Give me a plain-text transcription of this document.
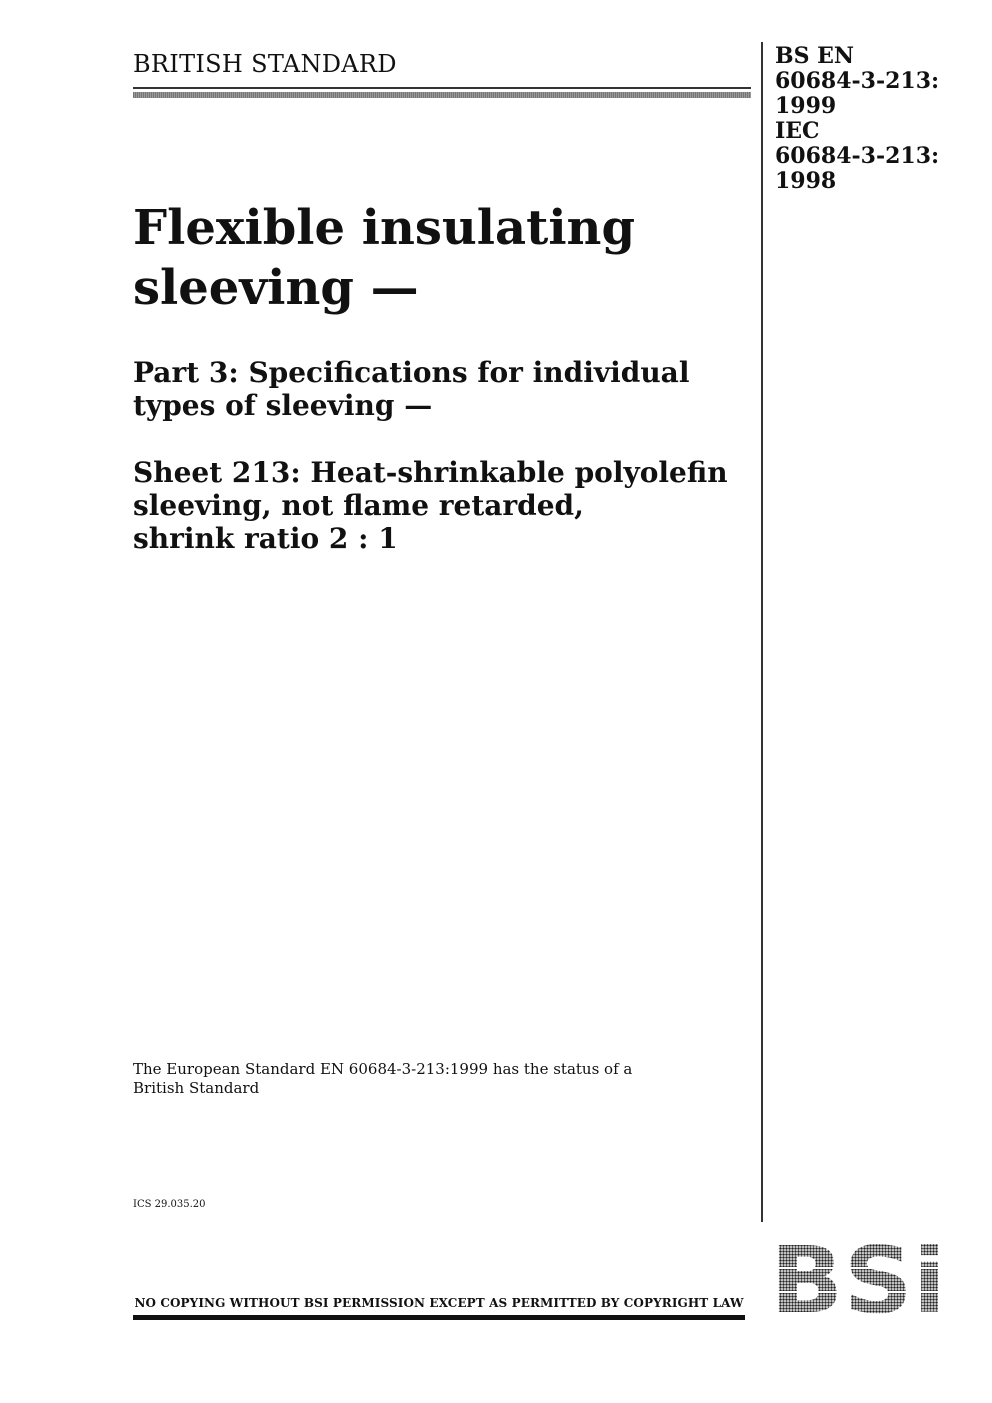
BRITISH STANDARD	BS EN
60684-3-213:
1999
IEC
60684-3-213:
1998
Flexible insulating
sleeving —
Part 3: Specifications for individual
types of sleeving —
Sheet 213: Heat-shrinkable polyolefin
sleeving, not flame retarded,
shrink ratio 2 : 1
The European Standard EN 60684-3-213:1999 has the status of a
British Standard
ICS 29.035.20
NO COPYING WITHOUT BSI PERMISSION EXCEPT AS PERMITTED BY COPYRIGHT LAW
